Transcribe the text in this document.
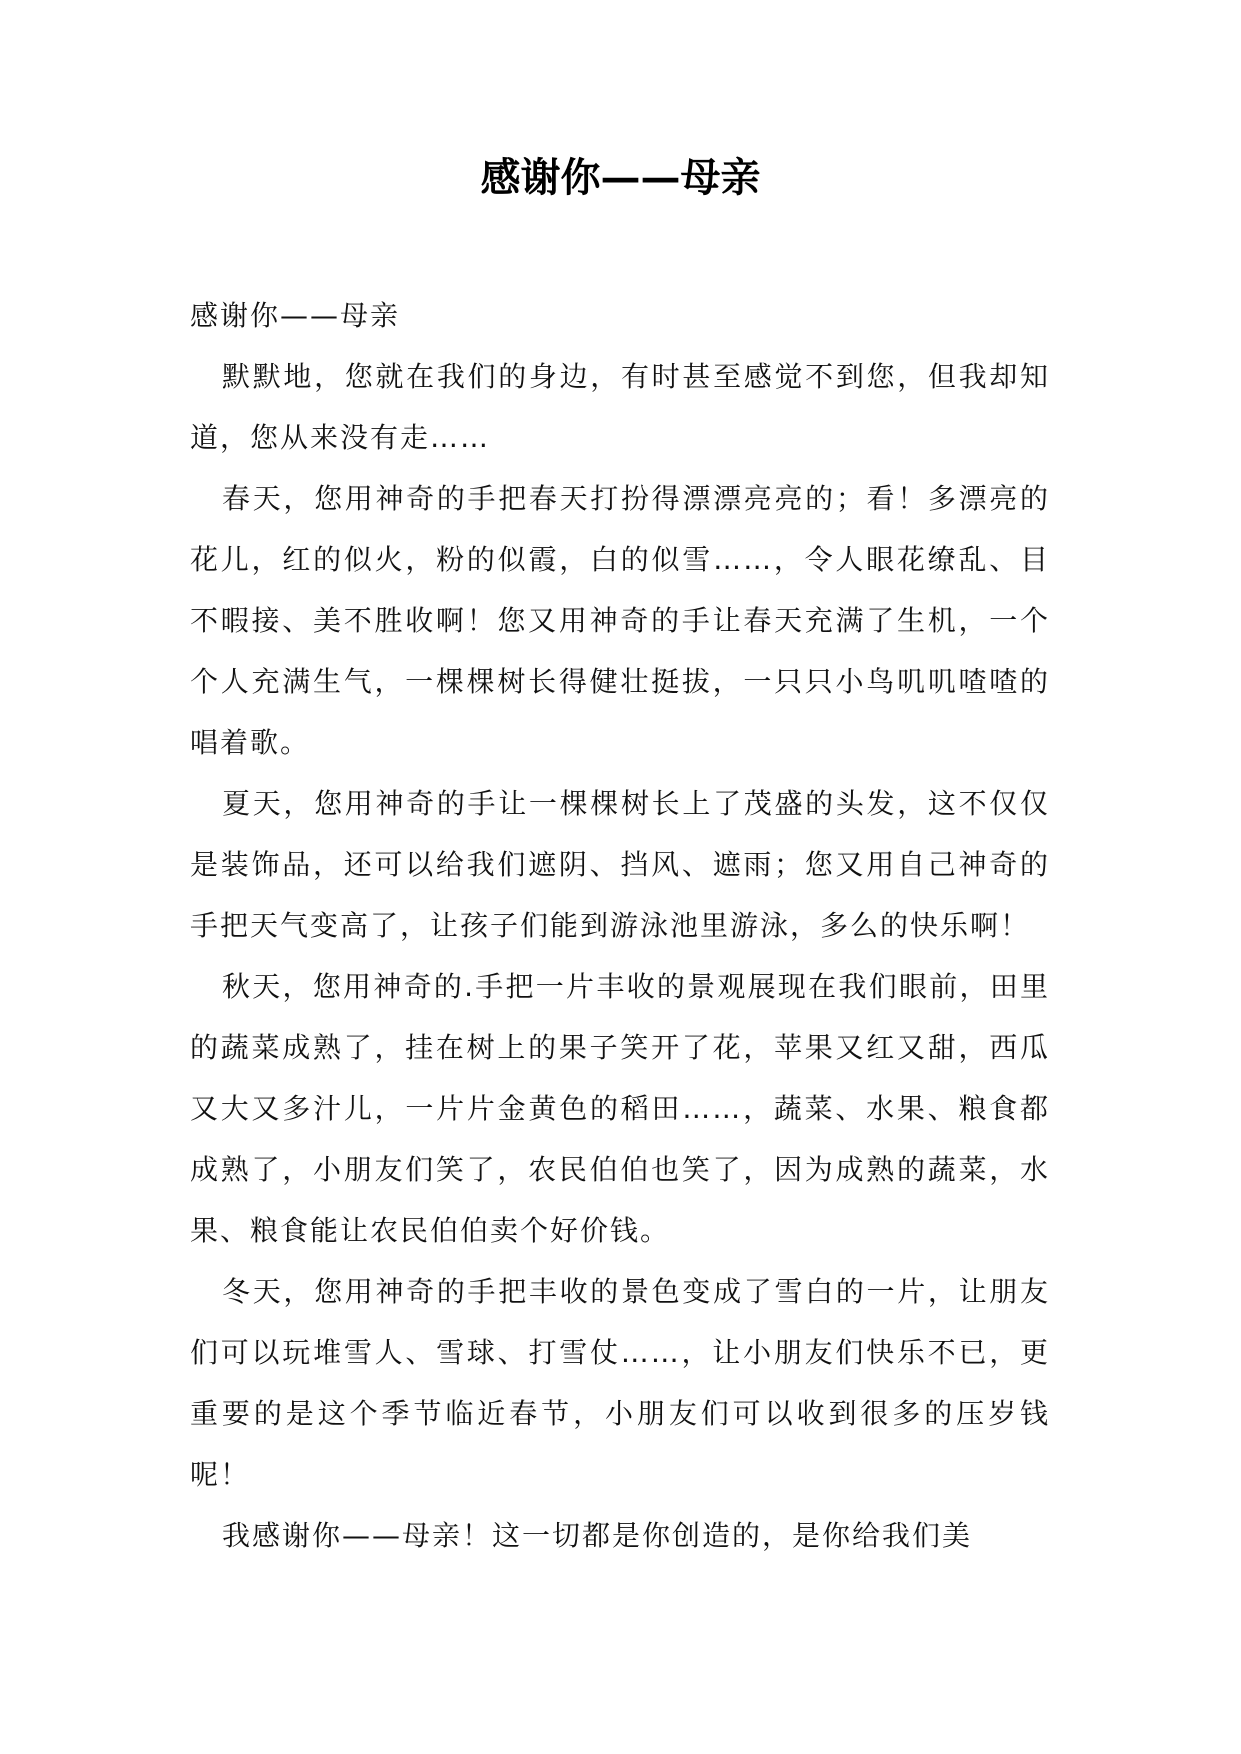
感谢你——母亲

感谢你——母亲

默默地，您就在我们的身边，有时甚至感觉不到您，但我却知道，您从来没有走……

春天，您用神奇的手把春天打扮得漂漂亮亮的；看！多漂亮的花儿，红的似火，粉的似霞，白的似雪……，令人眼花缭乱、目不暇接、美不胜收啊！您又用神奇的手让春天充满了生机，一个个人充满生气，一棵棵树长得健壮挺拔，一只只小鸟叽叽喳喳的唱着歌。

夏天，您用神奇的手让一棵棵树长上了茂盛的头发，这不仅仅是装饰品，还可以给我们遮阴、挡风、遮雨；您又用自己神奇的手把天气变高了，让孩子们能到游泳池里游泳，多么的快乐啊！

秋天，您用神奇的.手把一片丰收的景观展现在我们眼前，田里的蔬菜成熟了，挂在树上的果子笑开了花，苹果又红又甜，西瓜又大又多汁儿，一片片金黄色的稻田……，蔬菜、水果、粮食都成熟了，小朋友们笑了，农民伯伯也笑了，因为成熟的蔬菜，水果、粮食能让农民伯伯卖个好价钱。

冬天，您用神奇的手把丰收的景色变成了雪白的一片，让朋友们可以玩堆雪人、雪球、打雪仗……，让小朋友们快乐不已，更重要的是这个季节临近春节，小朋友们可以收到很多的压岁钱呢！

我感谢你——母亲！这一切都是你创造的，是你给我们美
